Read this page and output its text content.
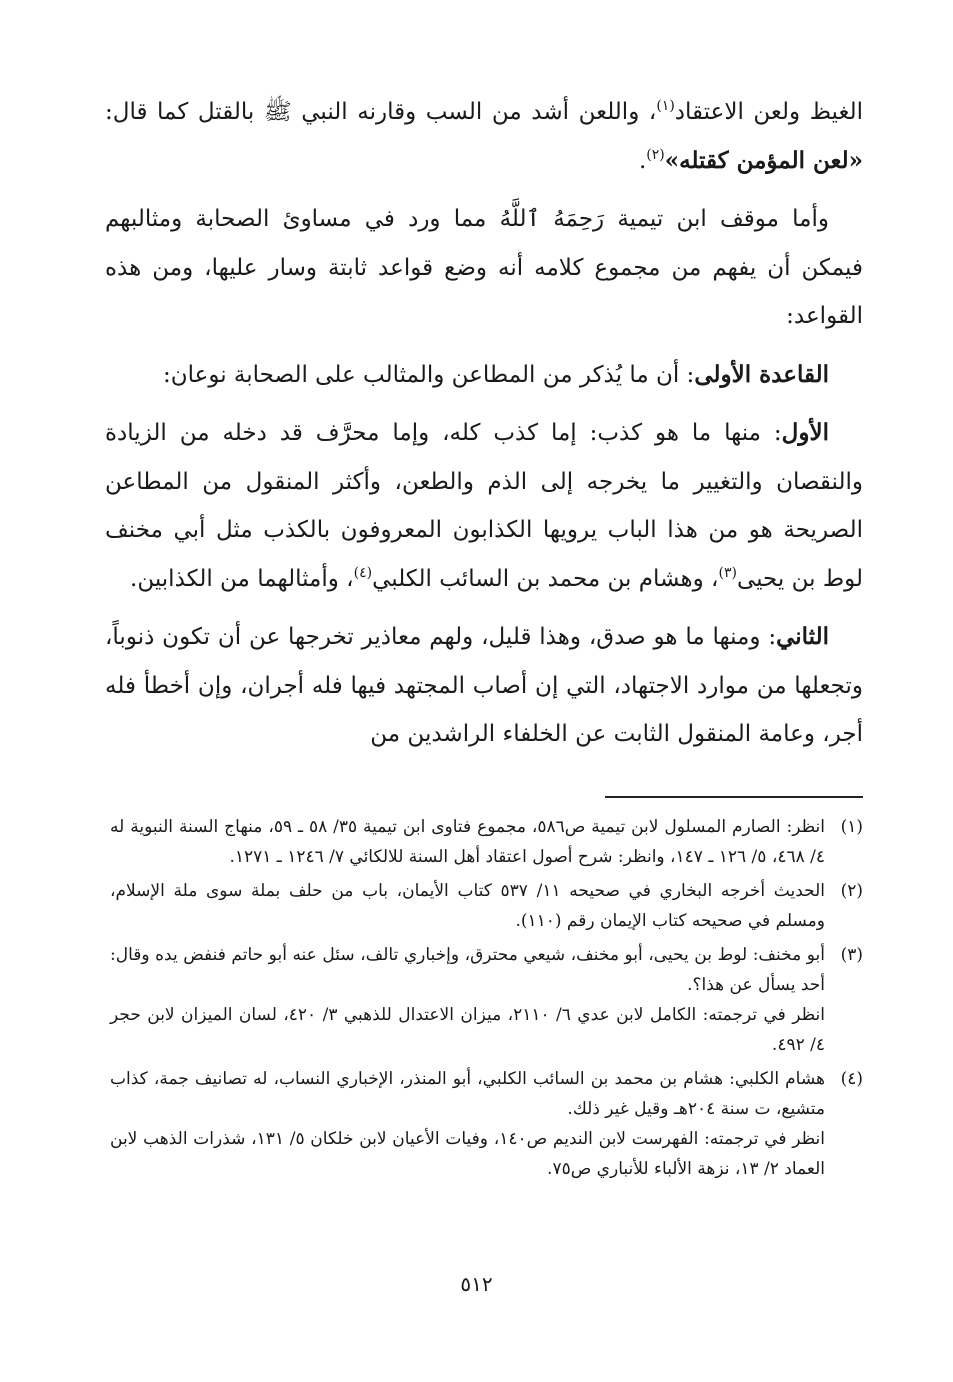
الغيظ ولعن الاعتقاد$^{(١)}$، واللعن أشد من السب وقارنه النبي ﷺ بالقتل كما قال: «لعن المؤمن كقتله»$^{(٢)}$.

وأما موقف ابن تيمية رَحِمَهُ ٱللَّهُ مما ورد في مساوئ الصحابة ومثالبهم فيمكن أن يفهم من مجموع كلامه أنه وضع قواعد ثابتة وسار عليها، ومن هذه القواعد:

القاعدة الأولى: أن ما يُذكر من المطاعن والمثالب على الصحابة نوعان:

الأول: منها ما هو كذب: إما كذب كله، وإما محرَّف قد دخله من الزيادة والنقصان والتغيير ما يخرجه إلى الذم والطعن، وأكثر المنقول من المطاعن الصريحة هو من هذا الباب يرويها الكذابون المعروفون بالكذب مثل أبي مخنف لوط بن يحيى$^{(٣)}$، وهشام بن محمد بن السائب الكلبي$^{(٤)}$، وأمثالهما من الكذابين.

الثاني: ومنها ما هو صدق، وهذا قليل، ولهم معاذير تخرجها عن أن تكون ذنوباً، وتجعلها من موارد الاجتهاد، التي إن أصاب المجتهد فيها فله أجران، وإن أخطأ فله أجر، وعامة المنقول الثابت عن الخلفاء الراشدين من

(١)
انظر: الصارم المسلول لابن تيمية ص٥٨٦، مجموع فتاوى ابن تيمية ٣٥/ ٥٨ ـ ٥٩، منهاج السنة النبوية له ٤/ ٤٦٨، ٥/ ١٢٦ ـ ١٤٧، وانظر: شرح أصول اعتقاد أهل السنة للالكائي ٧/ ١٢٤٦ ـ ١٢٧١.
(٢)
الحديث أخرجه البخاري في صحيحه ١١/ ٥٣٧ كتاب الأيمان، باب من حلف بملة سوى ملة الإسلام، ومسلم في صحيحه كتاب الإيمان رقم (١١٠).
(٣)
أبو مخنف: لوط بن يحيى، أبو مخنف، شيعي محترق، وإخباري تالف، سئل عنه أبو حاتم فنفض يده وقال: أحد يسأل عن هذا؟.
انظر في ترجمته: الكامل لابن عدي ٦/ ٢١١٠، ميزان الاعتدال للذهبي ٣/ ٤٢٠، لسان الميزان لابن حجر ٤/ ٤٩٢.
(٤)
هشام الكلبي: هشام بن محمد بن السائب الكلبي، أبو المنذر، الإخباري النساب، له تصانيف جمة، كذاب متشيع، ت سنة ٢٠٤هـ وقيل غير ذلك.
انظر في ترجمته: الفهرست لابن النديم ص١٤٠، وفيات الأعيان لابن خلكان ٥/ ١٣١، شذرات الذهب لابن العماد ٢/ ١٣، نزهة الألباء للأنباري ص٧٥.
٥١٢
